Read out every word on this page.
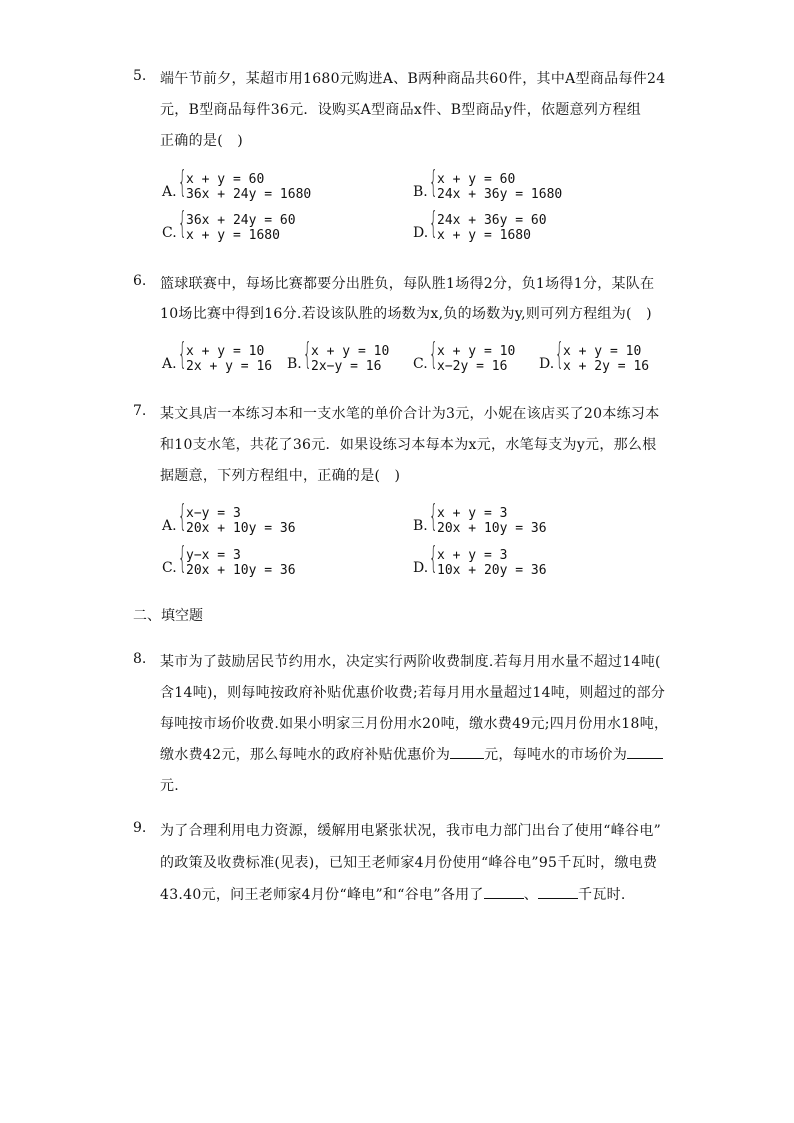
5. 端午节前夕，某超市用1680元购进A、B两种商品共60件，其中A型商品每件24
元，B型商品每件36元．设购买A型商品x件、B型商品y件，依题意列方程组
正确的是(　)
A. { x + y = 60
36x + 24y = 1680	B. { x + y = 60
24x + 36y = 1680
C. { 36x + 24y = 60
x + y = 1680	D. { 24x + 36y = 60
x + y = 1680
6. 篮球联赛中，每场比赛都要分出胜负，每队胜1场得2分，负1场得1分，某队在
10场比赛中得到16分.若设该队胜的场数为x,负的场数为y,则可列方程组为(　)
A. { x + y = 10
2x + y = 16 B. { x + y = 10
2x−y = 16 C. { x + y = 10
x−2y = 16 D. { x + y = 10
x + 2y = 16
7. 某文具店一本练习本和一支水笔的单价合计为3元，小妮在该店买了20本练习本
和10支水笔，共花了36元．如果设练习本每本为x元，水笔每支为y元，那么根
据题意，下列方程组中，正确的是(　)
A. { x−y = 3
20x + 10y = 36	B. { x + y = 3
20x + 10y = 36
C. { y−x = 3
20x + 10y = 36	D. { x + y = 3
10x + 20y = 36
二、填空题
8. 某市为了鼓励居民节约用水，决定实行两阶收费制度.若每月用水量不超过14吨(
含14吨)，则每吨按政府补贴优惠价收费;若每月用水量超过14吨，则超过的部分
每吨按市场价收费.如果小明家三月份用水20吨，缴水费49元;四月份用水18吨，
缴水费42元，那么每吨水的政府补贴优惠价为 元，每吨水的市场价为
元.
9. 为了合理利用电力资源，缓解用电紧张状况，我市电力部门出台了使用“峰谷电”
的政策及收费标准(见表)，已知王老师家4月份使用“峰谷电”95千瓦时，缴电费
43.40元，问王老师家4月份“峰电”和“谷电”各用了	、	千瓦时.
